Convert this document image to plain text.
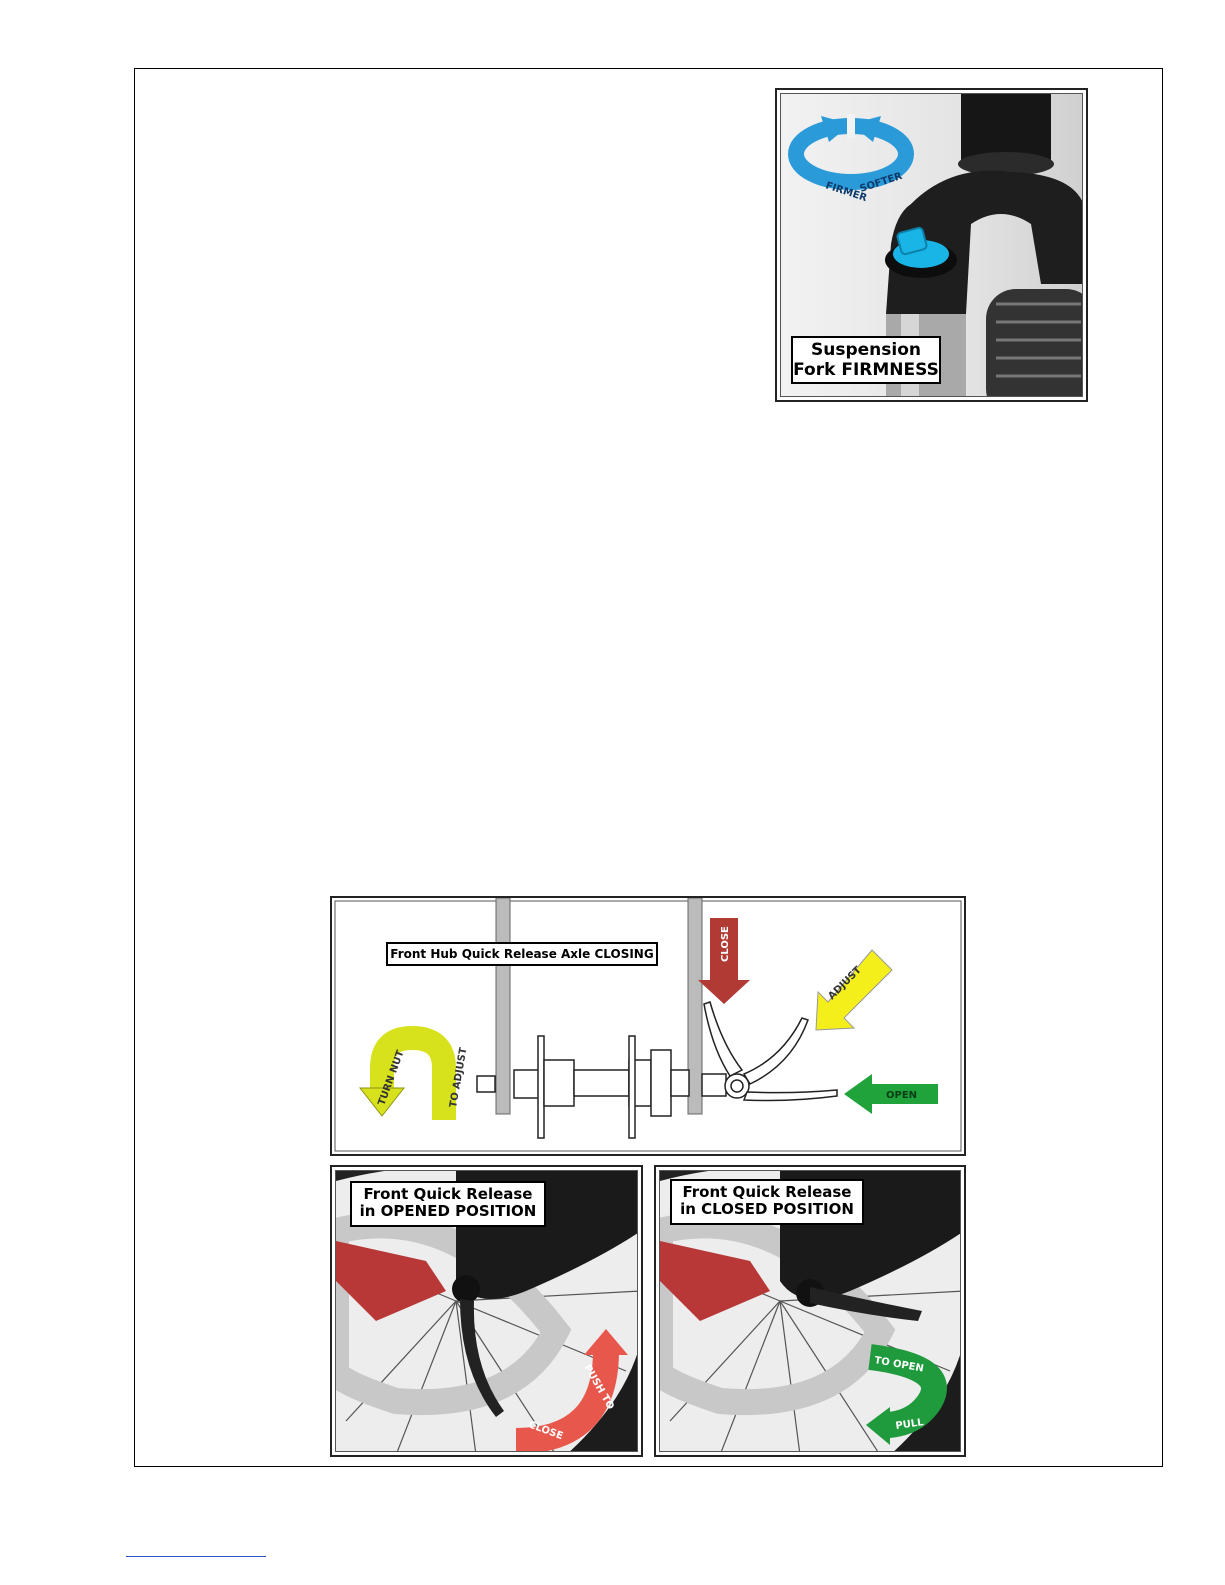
FIRMER
SOFTER
Suspension
Fork FIRMNESS
CLOSE
ADJUST
OPEN
TURN NUT	TO ADJUST
Front Hub Quick Release Axle CLOSING
PUSH TO
CLOSE
Front Quick Release
in OPENED POSITION
TO OPEN
PULL
Front Quick Release
in CLOSED POSITION
